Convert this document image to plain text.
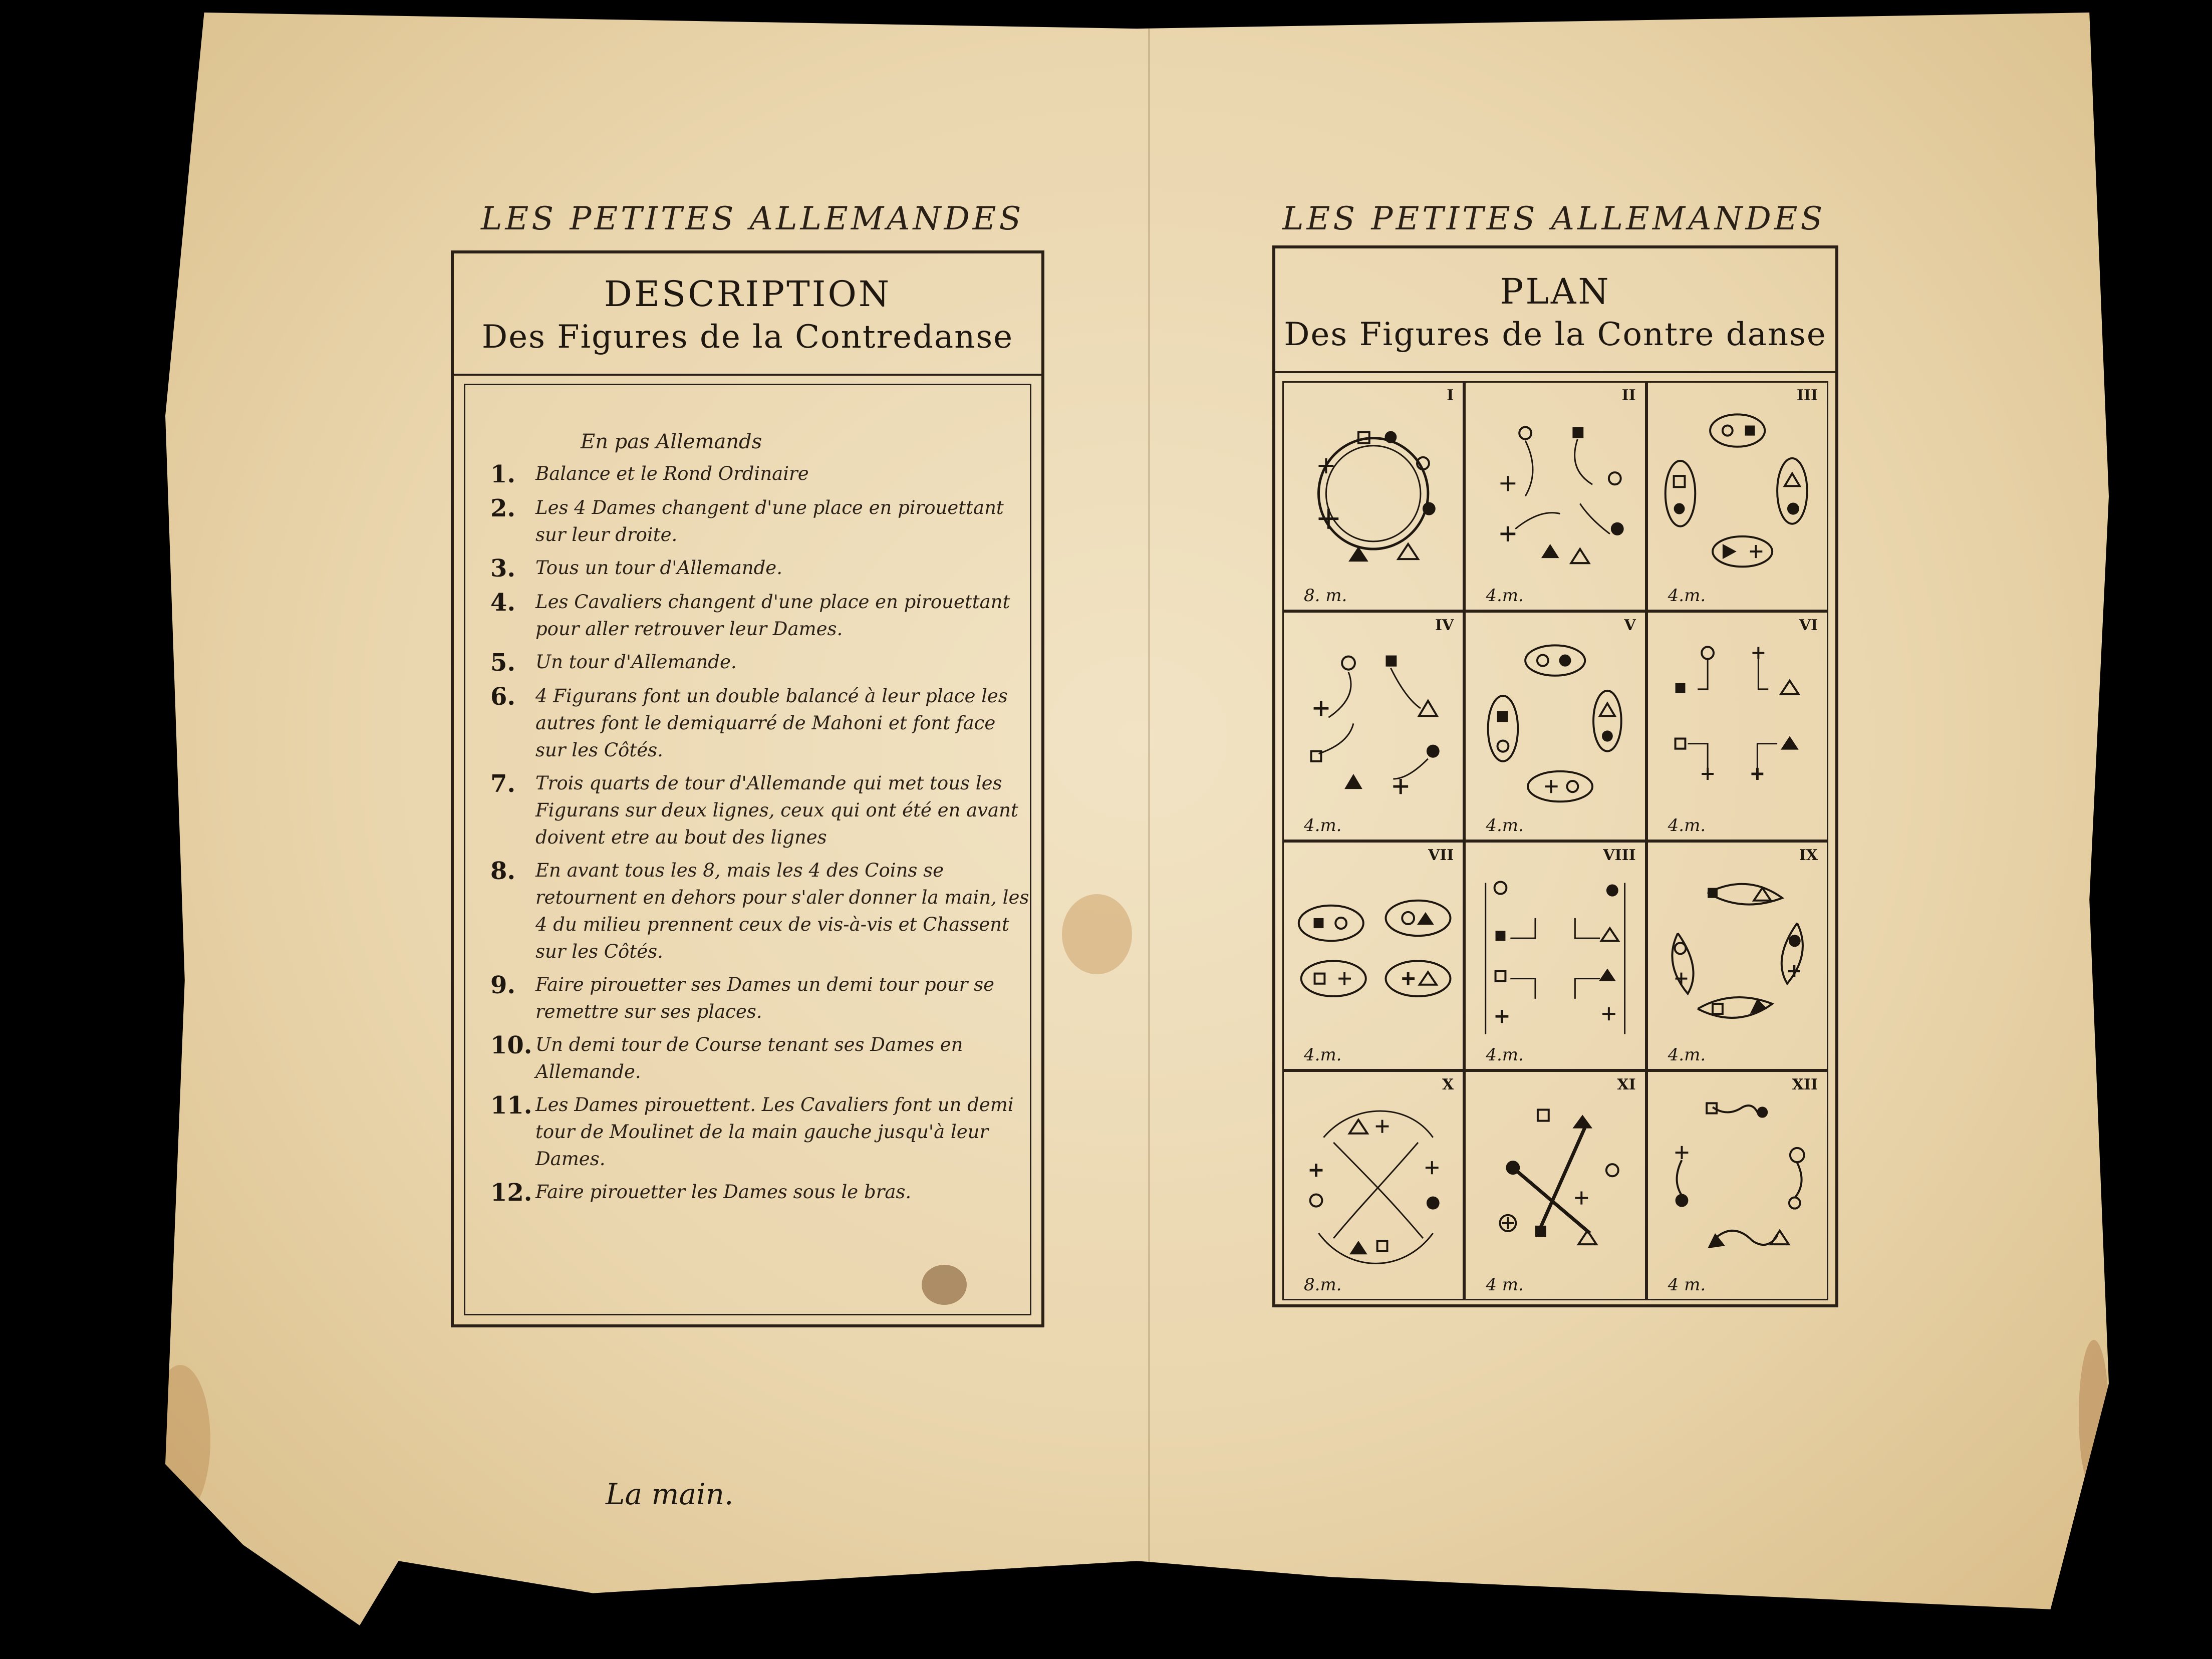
LES PETITES ALLEMANDES
DESCRIPTION
Des Figures de la Contredanse
En pas Allemands
1.	Balance et le Rond Ordinaire
2.	Les 4 Dames changent d'une place en pirouettant sur leur droite.
3.	Tous un tour d'Allemande.
4.	Les Cavaliers changent d'une place en pirouettant pour aller retrouver leur Dames.
5.	Un tour d'Allemande.
6.	4 Figurans font un double balancé à leur place les autres font le demiquarré de Mahoni et font face sur les Côtés.
7.	Trois quarts de tour d'Allemande qui met tous les Figurans sur deux lignes, ceux qui ont été en avant doivent etre au bout des lignes
8.	En avant tous les 8, mais les 4 des Coins se retournent en dehors pour s'aler donner la main, les 4 du milieu prennent ceux de vis-à-vis et Chassent sur les Côtés.
9.	Faire pirouetter ses Dames un demi tour pour se remettre sur ses places.
10. Un demi tour de Course tenant ses Dames en Allemande.
11. Les Dames pirouettent. Les Cavaliers font un demi tour de Moulinet de la main gauche jusqu'à leur Dames.
12. Faire pirouetter les Dames sous le bras.
La main.
LES PETITES ALLEMANDES
PLAN
Des Figures de la Contre danse
I
8. m.
II
4.m.
III
4.m.
IV
4.m.
V
4.m.
VI
4.m.
VII
4.m.
VIII
4.m.
IX
4.m.
X
8.m.
XI
4 m.
XII
4 m.
